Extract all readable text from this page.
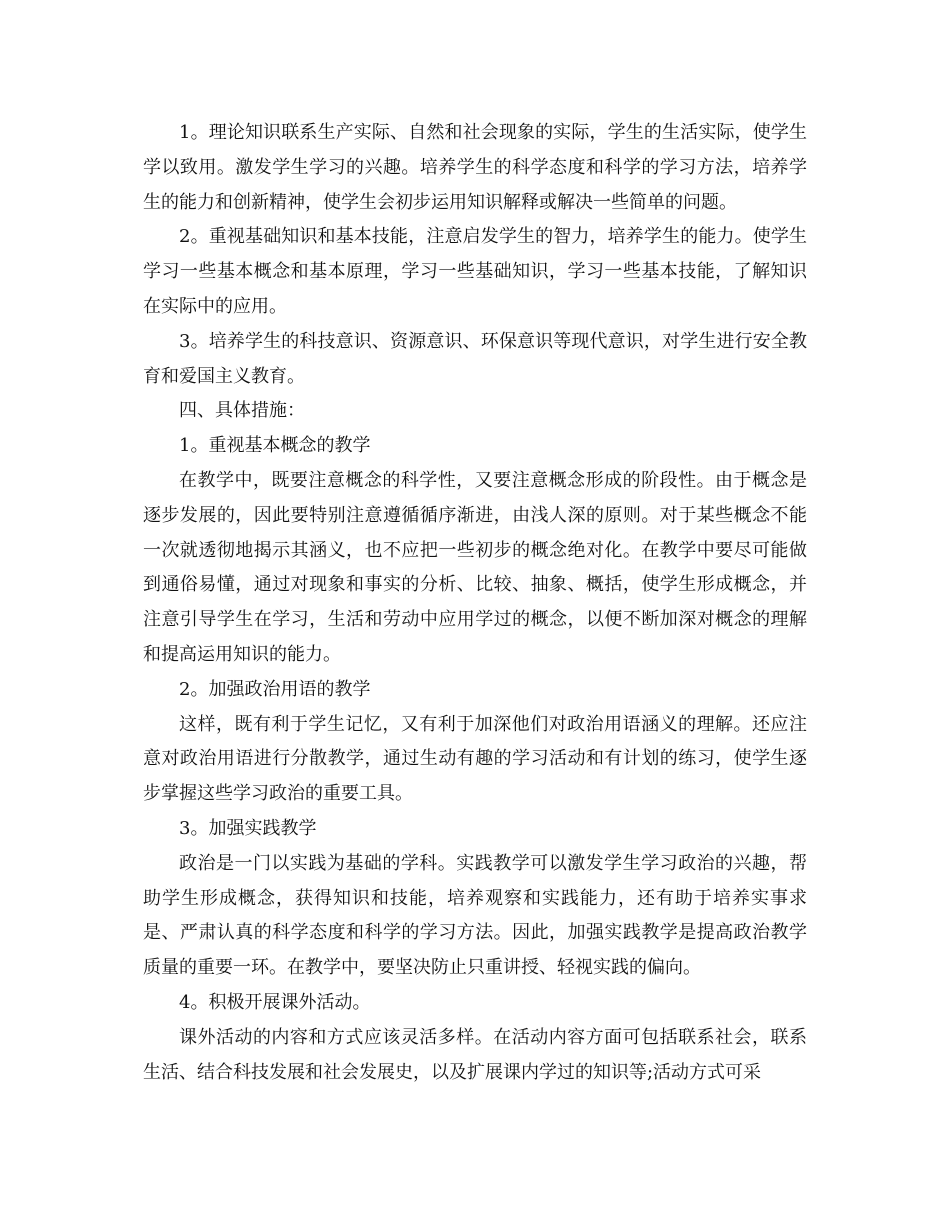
1。理论知识联系生产实际、自然和社会现象的实际，学生的生活实际，使学生学以致用。激发学生学习的兴趣。培养学生的科学态度和科学的学习方法，培养学生的能力和创新精神，使学生会初步运用知识解释或解决一些简单的问题。

2。重视基础知识和基本技能，注意启发学生的智力，培养学生的能力。使学生学习一些基本概念和基本原理，学习一些基础知识，学习一些基本技能，了解知识在实际中的应用。

3。培养学生的科技意识、资源意识、环保意识等现代意识，对学生进行安全教育和爱国主义教育。

四、具体措施：

1。重视基本概念的教学

在教学中，既要注意概念的科学性，又要注意概念形成的阶段性。由于概念是逐步发展的，因此要特别注意遵循循序渐进，由浅人深的原则。对于某些概念不能一次就透彻地揭示其涵义，也不应把一些初步的概念绝对化。在教学中要尽可能做到通俗易懂，通过对现象和事实的分析、比较、抽象、概括，使学生形成概念，并注意引导学生在学习，生活和劳动中应用学过的概念，以便不断加深对概念的理解和提高运用知识的能力。

2。加强政治用语的教学

这样，既有利于学生记忆，又有利于加深他们对政治用语涵义的理解。还应注意对政治用语进行分散教学，通过生动有趣的学习活动和有计划的练习，使学生逐步掌握这些学习政治的重要工具。

3。加强实践教学

政治是一门以实践为基础的学科。实践教学可以激发学生学习政治的兴趣，帮助学生形成概念，获得知识和技能，培养观察和实践能力，还有助于培养实事求是、严肃认真的科学态度和科学的学习方法。因此，加强实践教学是提高政治教学质量的重要一环。在教学中，要坚决防止只重讲授、轻视实践的偏向。

4。积极开展课外活动。

课外活动的内容和方式应该灵活多样。在活动内容方面可包括联系社会，联系生活、结合科技发展和社会发展史，以及扩展课内学过的知识等;活动方式可采
